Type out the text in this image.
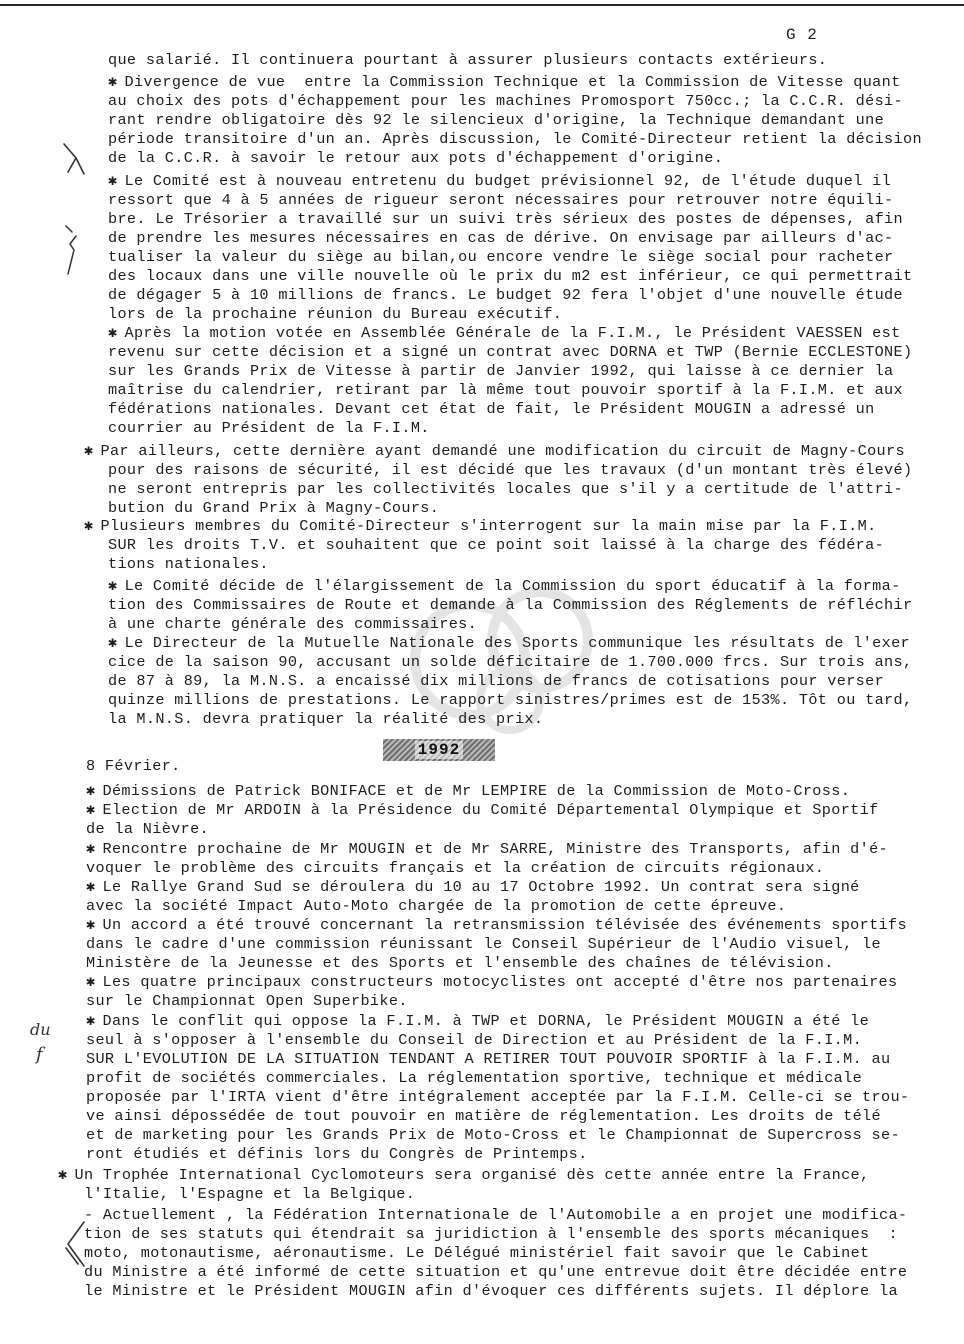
G 2
que salarié. Il continuera pourtant à assurer plusieurs contacts extérieurs.
✱ Divergence de vue  entre la Commission Technique et la Commission de Vitesse quant
au choix des pots d'échappement pour les machines Promosport 750cc.; la C.C.R. dési-
rant rendre obligatoire dès 92 le silencieux d'origine, la Technique demandant une
période transitoire d'un an. Après discussion, le Comité-Directeur retient la décision
de la C.C.R. à savoir le retour aux pots d'échappement d'origine.
✱ Le Comité est à nouveau entretenu du budget prévisionnel 92, de l'étude duquel il
ressort que 4 à 5 années de rigueur seront nécessaires pour retrouver notre équili-
bre. Le Trésorier a travaillé sur un suivi très sérieux des postes de dépenses, afin
de prendre les mesures nécessaires en cas de dérive. On envisage par ailleurs d'ac-
tualiser la valeur du siège au bilan,ou encore vendre le siège social pour racheter
des locaux dans une ville nouvelle où le prix du m2 est inférieur, ce qui permettrait
de dégager 5 à 10 millions de francs. Le budget 92 fera l'objet d'une nouvelle étude
lors de la prochaine réunion du Bureau exécutif.
✱ Après la motion votée en Assemblée Générale de la F.I.M., le Président VAESSEN est
revenu sur cette décision et a signé un contrat avec DORNA et TWP (Bernie ECCLESTONE)
sur les Grands Prix de Vitesse à partir de Janvier 1992, qui laisse à ce dernier la
maîtrise du calendrier, retirant par là même tout pouvoir sportif à la F.I.M. et aux
fédérations nationales. Devant cet état de fait, le Président MOUGIN a adressé un
courrier au Président de la F.I.M.
✱ Par ailleurs, cette dernière ayant demandé une modification du circuit de Magny-Cours
pour des raisons de sécurité, il est décidé que les travaux (d'un montant très élevé)
ne seront entrepris par les collectivités locales que s'il y a certitude de l'attri-
bution du Grand Prix à Magny-Cours.
✱ Plusieurs membres du Comité-Directeur s'interrogent sur la main mise par la F.I.M.
SUR les droits T.V. et souhaitent que ce point soit laissé à la charge des fédéra-
tions nationales.
✱ Le Comité décide de l'élargissement de la Commission du sport éducatif à la forma-
tion des Commissaires de Route et demande à la Commission des Réglements de réfléchir
à une charte générale des commissaires.
✱ Le Directeur de la Mutuelle Nationale des Sports communique les résultats de l'exer
cice de la saison 90, accusant un solde déficitaire de 1.700.000 frcs. Sur trois ans,
de 87 à 89, la M.N.S. a encaissé dix millions de francs de cotisations pour verser
quinze millions de prestations. Le rapport sinistres/primes est de 153%. Tôt ou tard,
la M.N.S. devra pratiquer la réalité des prix.
8 Février.
✱ Démissions de Patrick BONIFACE et de Mr LEMPIRE de la Commission de Moto-Cross.
✱ Election de Mr ARDOIN à la Présidence du Comité Départemental Olympique et Sportif
de la Nièvre.
✱ Rencontre prochaine de Mr MOUGIN et de Mr SARRE, Ministre des Transports, afin d'é-
voquer le problème des circuits français et la création de circuits régionaux.
✱ Le Rallye Grand Sud se déroulera du 10 au 17 Octobre 1992. Un contrat sera signé
avec la société Impact Auto-Moto chargée de la promotion de cette épreuve.
✱ Un accord a été trouvé concernant la retransmission télévisée des événements sportifs
dans le cadre d'une commission réunissant le Conseil Supérieur de l'Audio visuel, le
Ministère de la Jeunesse et des Sports et l'ensemble des chaînes de télévision.
✱ Les quatre principaux constructeurs motocyclistes ont accepté d'être nos partenaires
sur le Championnat Open Superbike.
✱ Dans le conflit qui oppose la F.I.M. à TWP et DORNA, le Président MOUGIN a été le
seul à s'opposer à l'ensemble du Conseil de Direction et au Président de la F.I.M.
SUR L'EVOLUTION DE LA SITUATION TENDANT A RETIRER TOUT POUVOIR SPORTIF à la F.I.M. au
profit de sociétés commerciales. La réglementation sportive, technique et médicale
proposée par l'IRTA vient d'être intégralement acceptée par la F.I.M. Celle-ci se trou-
ve ainsi dépossédée de tout pouvoir en matière de réglementation. Les droits de télé
et de marketing pour les Grands Prix de Moto-Cross et le Championnat de Supercross se-
ront étudiés et définis lors du Congrès de Printemps.
✱ Un Trophée International Cyclomoteurs sera organisé dès cette année entre la France,
l'Italie, l'Espagne et la Belgique.
- Actuellement , la Fédération Internationale de l'Automobile a en projet une modifica-
tion de ses statuts qui étendrait sa juridiction à l'ensemble des sports mécaniques  :
moto, motonautisme, aéronautisme. Le Délégué ministériel fait savoir que le Cabinet
du Ministre a été informé de cette situation et qu'une entrevue doit être décidée entre
le Ministre et le Président MOUGIN afin d'évoquer ces différents sujets. Il déplore la
1992
du
f
